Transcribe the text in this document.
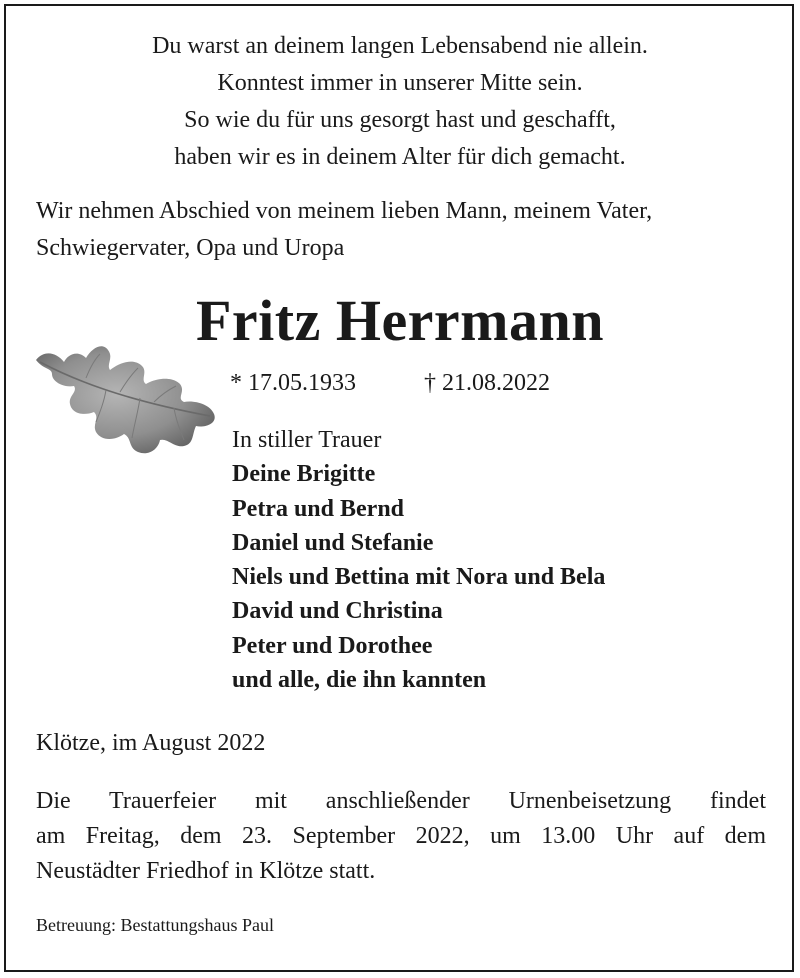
Du warst an deinem langen Lebensabend nie allein.
Konntest immer in unserer Mitte sein.
So wie du für uns gesorgt hast und geschafft,
haben wir es in deinem Alter für dich gemacht.
Wir nehmen Abschied von meinem lieben Mann, meinem Vater, Schwiegervater, Opa und Uropa
Fritz Herrmann
* 17.05.1933	† 21.08.2022
In stiller Trauer
Deine Brigitte
Petra und Bernd
Daniel und Stefanie
Niels und Bettina mit Nora und Bela
David und Christina
Peter und Dorothee
und alle, die ihn kannten
Klötze, im August 2022
Die Trauerfeier mit anschließender Urnenbeisetzung findet
am Freitag, dem 23. September 2022, um 13.00 Uhr auf dem
Neustädter Friedhof in Klötze statt.
Betreuung: Bestattungshaus Paul
